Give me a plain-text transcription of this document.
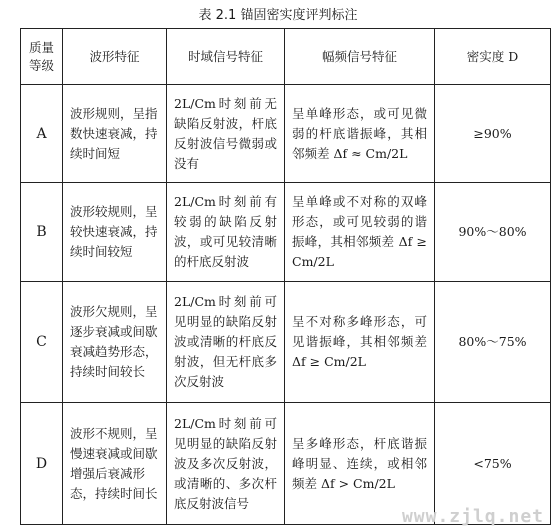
表 2.1 锚固密实度评判标注
质量等级	波形特征	时域信号特征	幅频信号特征	密实度 D
A	波形规则，呈指数快速衰减，持续时间短	2L/Cm时刻前无缺陷反射波，杆底反射波信号微弱或没有	呈单峰形态，或可见微弱的杆底谐振峰，其相邻频差 Δf ≈ Cm/2L	≥90%
B	波形较规则，呈较快速衰减，持续时间较短	2L/Cm时刻前有较弱的缺陷反射波，或可见较清晰的杆底反射波	呈单峰或不对称的双峰形态，或可见较弱的谐振峰，其相邻频差 Δf ≥ Cm/2L	90%～80%
C	波形欠规则，呈逐步衰减或间歇衰减趋势形态，持续时间较长	2L/Cm时刻前可见明显的缺陷反射波或清晰的杆底反射波，但无杆底多次反射波	呈不对称多峰形态，可见谐振峰，其相邻频差 Δf ≥ Cm/2L	80%～75%
D	波形不规则，呈慢速衰减或间歇增强后衰减形态，持续时间长	2L/Cm时刻前可见明显的缺陷反射波及多次反射波，或清晰的、多次杆底反射波信号	呈多峰形态，杆底谐振峰明显、连续，或相邻频差 Δf > Cm/2L	<75%
www.zjlq.net
